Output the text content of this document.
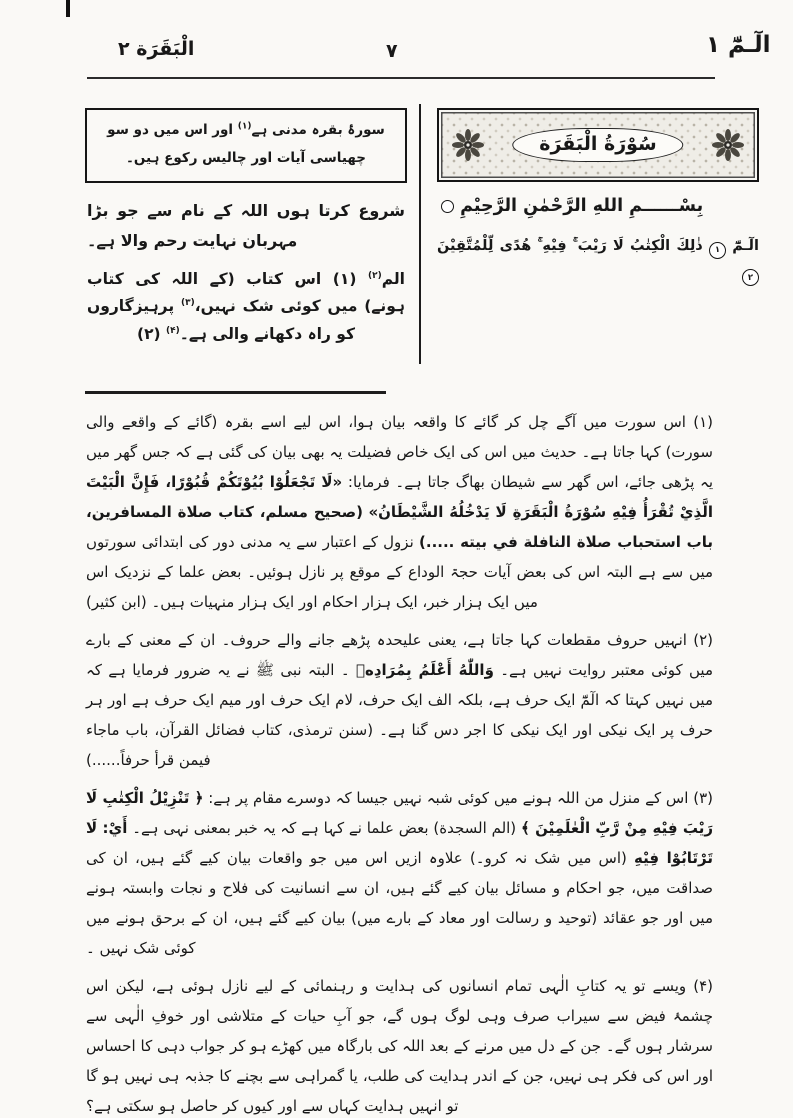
الْبَقَرَة ۲	۷	الٓـمّٓ ۱
سُوْرَةُ الْبَقَرَة
بِسْــــــمِ اللهِ الرَّحْمٰنِ الرَّحِيْمِ
الٓـمّٓ ۱ ذٰلِكَ الْكِتٰبُ لَا رَيْبَ ۚ فِيْهِ ۚ هُدًى لِّلْمُتَّقِيْنَ ۲
سورۂ بقرہ مدنی ہے$^{(۱)}$ اور اس میں دو سو چھیاسی آیات اور چالیس رکوع ہیں۔

شروع کرتا ہوں اللہ کے نام سے جو بڑا مہربان نہایت رحم والا ہے۔

الم$^{(۲)}$ (۱) اس کتاب (کے اللہ کی کتاب ہونے) میں کوئی شک نہیں،$^{(۳)}$ پرہیزگاروں کو راہ دکھانے والی ہے۔$^{(۴)}$ (۲)

(۱) اس سورت میں آگے چل کر گائے کا واقعہ بیان ہوا، اس لیے اسے بقرہ (گائے کے واقعے والی سورت) کہا جاتا ہے۔ حدیث میں اس کی ایک خاص فضیلت یہ بھی بیان کی گئی ہے کہ جس گھر میں یہ پڑھی جائے، اس گھر سے شیطان بھاگ جاتا ہے۔ فرمایا: «لَا تَجْعَلُوْا بُيُوْتَكُمْ قُبُوْرًا، فَإِنَّ الْبَيْتَ الَّذِيْ تُقْرَأُ فِيْهِ سُوْرَةُ الْبَقَرَةِ لَا يَدْخُلُهُ الشَّيْطَانُ» (صحيح مسلم، كتاب صلاة المسافرين، باب استحباب صلاة النافلة في بيته .....) نزول کے اعتبار سے یہ مدنی دور کی ابتدائی سورتوں میں سے ہے البتہ اس کی بعض آیات حجۃ الوداع کے موقع پر نازل ہوئیں۔ بعض علما کے نزدیک اس میں ایک ہزار خبر، ایک ہزار احکام اور ایک ہزار منہیات ہیں۔ (ابن کثیر)

(۲) انہیں حروف مقطعات کہا جاتا ہے، یعنی علیحدہ پڑھے جانے والے حروف۔ ان کے معنی کے بارے میں کوئی معتبر روایت نہیں ہے۔ وَاللّٰهُ أَعْلَمُ بِمُرَادِهٖ ۔ البتہ نبی ﷺ نے یہ ضرور فرمایا ہے کہ میں نہیں کہتا کہ الٓمّٓ ایک حرف ہے، بلکہ الف ایک حرف، لام ایک حرف اور میم ایک حرف ہے اور ہر حرف پر ایک نیکی اور ایک نیکی کا اجر دس گنا ہے۔ (سنن ترمذی، کتاب فضائل القرآن، باب ماجاء فیمن قرأ حرفاً......)

(۳) اس کے منزل من اللہ ہونے میں کوئی شبہ نہیں جیسا کہ دوسرے مقام پر ہے: ﴿ تَنْزِيْلُ الْكِتٰبِ لَا رَيْبَ فِيْهِ مِنْ رَّبِّ الْعٰلَمِيْنَ ﴾ (الم السجدة) بعض علما نے کہا ہے کہ یہ خبر بمعنی نہی ہے۔ أَيْ: لَا تَرْتَابُوْا فِيْهِ (اس میں شک نہ کرو۔) علاوہ ازیں اس میں جو واقعات بیان کیے گئے ہیں، ان کی صداقت میں، جو احکام و مسائل بیان کیے گئے ہیں، ان سے انسانیت کی فلاح و نجات وابستہ ہونے میں اور جو عقائد (توحید و رسالت اور معاد کے بارے میں) بیان کیے گئے ہیں، ان کے برحق ہونے میں کوئی شک نہیں ۔

(۴) ویسے تو یہ کتابِ الٰہی تمام انسانوں کی ہدایت و رہنمائی کے لیے نازل ہوئی ہے، لیکن اس چشمۂ فیض سے سیراب صرف وہی لوگ ہوں گے، جو آبِ حیات کے متلاشی اور خوفِ الٰہی سے سرشار ہوں گے۔ جن کے دل میں مرنے کے بعد اللہ کی بارگاہ میں کھڑے ہو کر جواب دہی کا احساس اور اس کی فکر ہی نہیں، جن کے اندر ہدایت کی طلب، یا گمراہی سے بچنے کا جذبہ ہی نہیں ہو گا تو انہیں ہدایت کہاں سے اور کیوں کر حاصل ہو سکتی ہے؟
